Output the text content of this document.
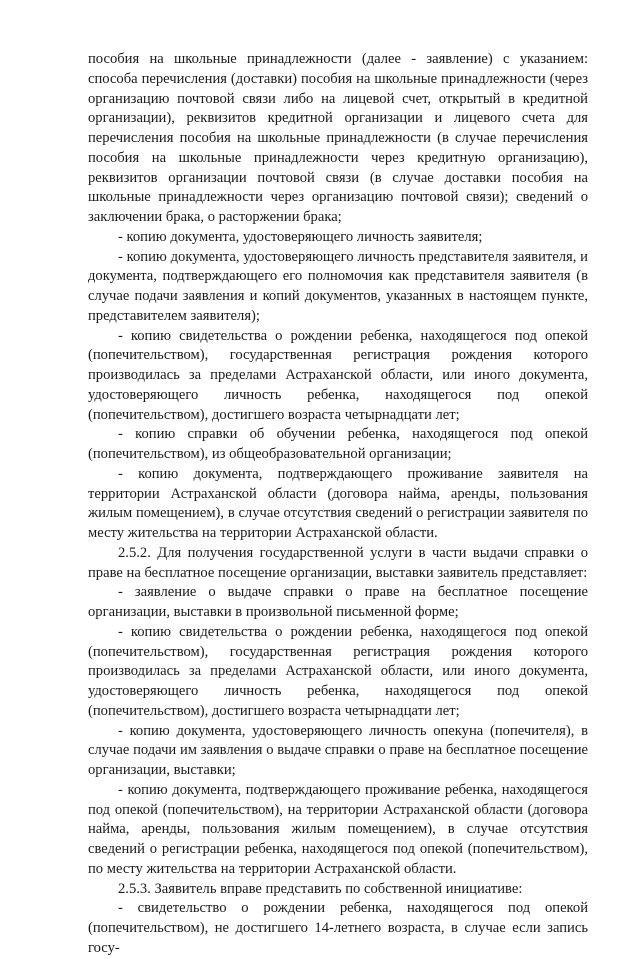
пособия на школьные принадлежности (далее - заявление) с указанием: способа перечисления (доставки) пособия на школьные принадлежности (через организацию почтовой связи либо на лицевой счет, открытый в кредитной организации), реквизитов кредитной организации и лицевого счета для перечисления пособия на школьные принадлежности (в случае перечисления пособия на школьные принадлежности через кредитную организацию), реквизитов организации почтовой связи (в случае доставки пособия на школьные принадлежности через организацию почтовой связи); сведений о заключении брака, о расторжении брака;

- копию документа, удостоверяющего личность заявителя;

- копию документа, удостоверяющего личность представителя заявителя, и документа, подтверждающего его полномочия как представителя заявителя (в случае подачи заявления и копий документов, указанных в настоящем пункте, представителем заявителя);

- копию свидетельства о рождении ребенка, находящегося под опекой (попечительством), государственная регистрация рождения которого производилась за пределами Астраханской области, или иного документа, удостоверяющего личность ребенка, находящегося под опекой (попечительством), достигшего возраста четырнадцати лет;

- копию справки об обучении ребенка, находящегося под опекой (попечительством), из общеобразовательной организации;

- копию документа, подтверждающего проживание заявителя на территории Астраханской области (договора найма, аренды, пользования жилым помещением), в случае отсутствия сведений о регистрации заявителя по месту жительства на территории Астраханской области.

2.5.2. Для получения государственной услуги в части выдачи справки о праве на бесплатное посещение организации, выставки заявитель представляет:

- заявление о выдаче справки о праве на бесплатное посещение организации, выставки в произвольной письменной форме;

- копию свидетельства о рождении ребенка, находящегося под опекой (попечительством), государственная регистрация рождения которого производилась за пределами Астраханской области, или иного документа, удостоверяющего личность ребенка, находящегося под опекой (попечительством), достигшего возраста четырнадцати лет;

- копию документа, удостоверяющего личность опекуна (попечителя), в случае подачи им заявления о выдаче справки о праве на бесплатное посещение организации, выставки;

- копию документа, подтверждающего проживание ребенка, находящегося под опекой (попечительством), на территории Астраханской области (договора найма, аренды, пользования жилым помещением), в случае отсутствия сведений о регистрации ребенка, находящегося под опекой (попечительством), по месту жительства на территории Астраханской области.

2.5.3. Заявитель вправе представить по собственной инициативе:

- свидетельство о рождении ребенка, находящегося под опекой (попечительством), не достигшего 14-летнего возраста, в случае если запись госу-
